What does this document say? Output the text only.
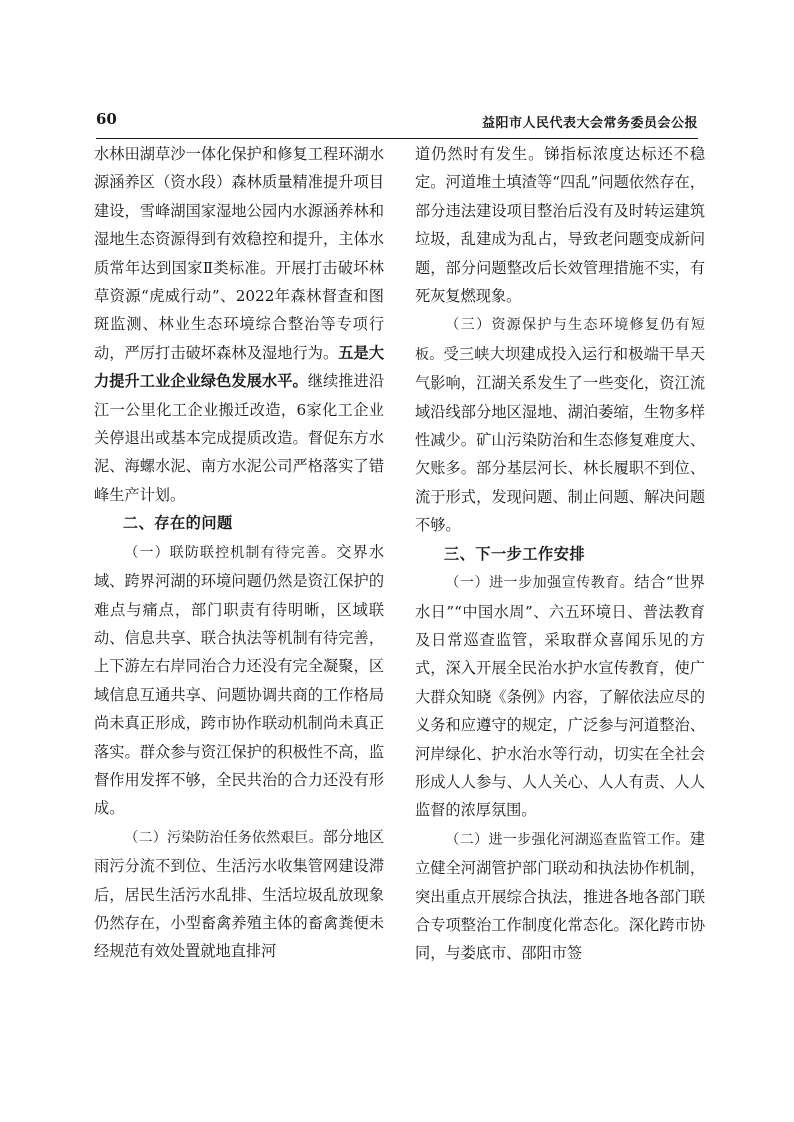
60	益阳市人民代表大会常务委员会公报

水林田湖草沙一体化保护和修复工程环湖水源涵养区（资水段）森林质量精准提升项目建设，雪峰湖国家湿地公园内水源涵养林和湿地生态资源得到有效稳控和提升，主体水质常年达到国家Ⅱ类标准。开展打击破坏林草资源“虎威行动”、2022年森林督查和图斑监测、林业生态环境综合整治等专项行动，严厉打击破坏森林及湿地行为。五是大力提升工业企业绿色发展水平。继续推进沿江一公里化工企业搬迁改造，6家化工企业关停退出或基本完成提质改造。督促东方水泥、海螺水泥、南方水泥公司严格落实了错峰生产计划。

二、存在的问题

（一）联防联控机制有待完善。交界水域、跨界河湖的环境问题仍然是资江保护的难点与痛点，部门职责有待明晰，区域联动、信息共享、联合执法等机制有待完善，上下游左右岸同治合力还没有完全凝聚，区域信息互通共享、问题协调共商的工作格局尚未真正形成，跨市协作联动机制尚未真正落实。群众参与资江保护的积极性不高，监督作用发挥不够，全民共治的合力还没有形成。

（二）污染防治任务依然艰巨。部分地区雨污分流不到位、生活污水收集管网建设滞后，居民生活污水乱排、生活垃圾乱放现象仍然存在，小型畜禽养殖主体的畜禽粪便未经规范有效处置就地直排河

道仍然时有发生。锑指标浓度达标还不稳定。河道堆土填渣等“四乱”问题依然存在，部分违法建设项目整治后没有及时转运建筑垃圾，乱建成为乱占，导致老问题变成新问题，部分问题整改后长效管理措施不实，有死灰复燃现象。

（三）资源保护与生态环境修复仍有短板。受三峡大坝建成投入运行和极端干旱天气影响，江湖关系发生了一些变化，资江流域沿线部分地区湿地、湖泊萎缩，生物多样性减少。矿山污染防治和生态修复难度大、欠账多。部分基层河长、林长履职不到位、流于形式，发现问题、制止问题、解决问题不够。

三、下一步工作安排

（一）进一步加强宣传教育。结合“世界水日”“中国水周”、六五环境日、普法教育及日常巡查监管，采取群众喜闻乐见的方式，深入开展全民治水护水宣传教育，使广大群众知晓《条例》内容，了解依法应尽的义务和应遵守的规定，广泛参与河道整治、河岸绿化、护水治水等行动，切实在全社会形成人人参与、人人关心、人人有责、人人监督的浓厚氛围。

（二）进一步强化河湖巡查监管工作。建立健全河湖管护部门联动和执法协作机制，突出重点开展综合执法，推进各地各部门联合专项整治工作制度化常态化。深化跨市协同，与娄底市、邵阳市签
